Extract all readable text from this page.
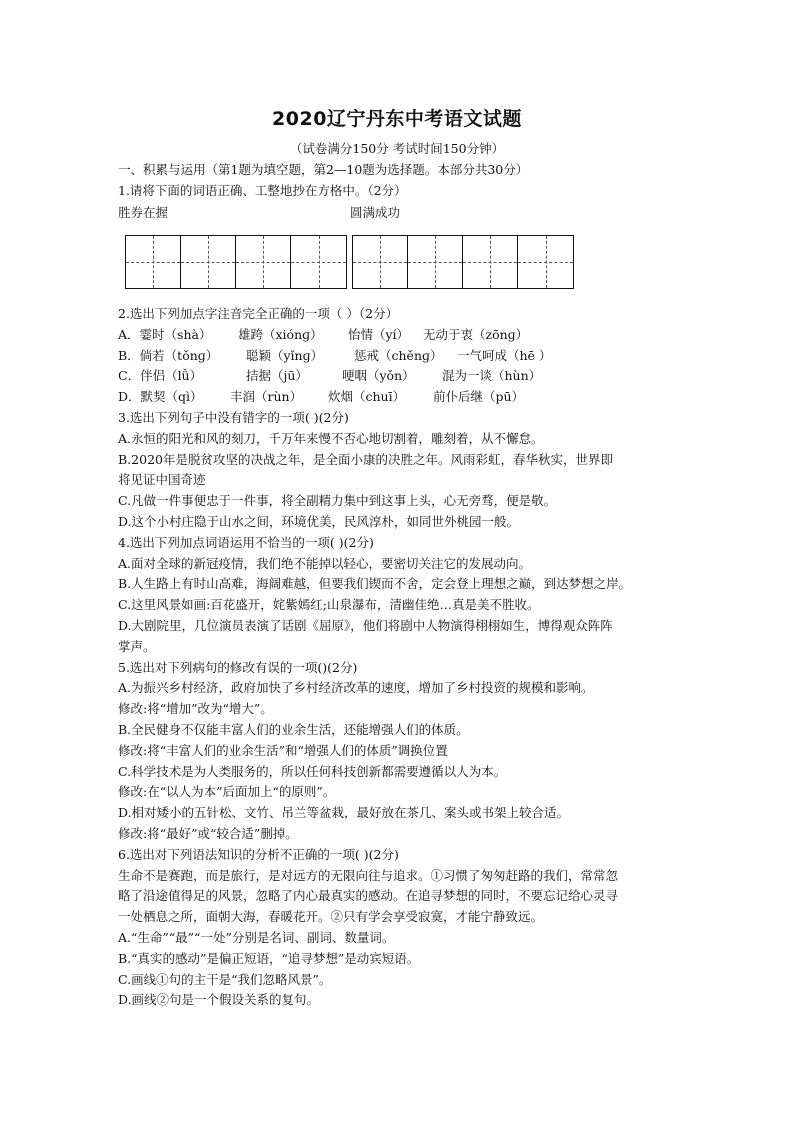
2020辽宁丹东中考语文试题
（试卷满分150分 考试时间150分钟）
一、积累与运用（第1题为填空题，第2—10题为选择题。本部分共30分）
1.请将下面的词语正确、工整地抄在方格中。（2分）
胜券在握	圆满成功
2.选出下列加点字注音完全正确的一项（ ）（2分）
A．霎时（shà） 雄跨（xiónɡ） 怡情（yí） 无动于衷（zōnɡ）
B．倘若（tǒnɡ） 聪颖（yǐnɡ） 惩戒（chěnɡ） 一气呵成（hē ）
C．伴侣（lǚ）	拮据（jū）	哽咽（yǒn） 混为一谈（hùn）
D．默契（qì） 丰润（rùn） 炊烟（chuī） 前仆后继（pū）
3.选出下列句子中没有错字的一项( )(2分)
A.永恒的阳光和风的刻刀，千万年来慢不否心地切割着，雕刻着，从不懈怠。
B.2020年是脱贫攻坚的决战之年，是全面小康的决胜之年。风雨彩虹，春华秋实，世界即
将见证中国奇迹
C.凡做一件事便忠于一件事，将全副精力集中到这事上头，心无旁骛，便是敬。
D.这个小村庄隐于山水之间，环境优美，民风淳朴，如同世外桃园一般。
4.选出下列加点词语运用不恰当的一项( )(2分)
A.面对全球的新冠疫情，我们绝不能掉以轻心，要密切关注它的发展动向。
B.人生路上有时山高难，海阔难越，但要我们锲而不舍，定会登上理想之巅，到达梦想之岸。
C.这里风景如画:百花盛开，姹紫嫣红;山泉瀑布，清幽佳绝…真是美不胜收。
D.大剧院里，几位演员表演了话剧《屈原》，他们将剧中人物演得栩栩如生，博得观众阵阵
掌声。
5.选出对下列病句的修改有误的一项()(2分)
A.为振兴乡村经济，政府加快了乡村经济改革的速度，增加了乡村投资的规模和影响。
修改:将“增加”改为“增大”。
B.全民健身不仅能丰富人们的业余生活，还能增强人们的体质。
修改:将“丰富人们的业余生活”和“增强人们的体质”调换位置
C.科学技术是为人类服务的，所以任何科技创新都需要遵循以人为本。
修改:在“以人为本”后面加上“的原则”。
D.相对矮小的五针松、文竹、吊兰等盆栽，最好放在茶几、案头或书架上较合适。
修改:将“最好”或“较合适”删掉。
6.选出对下列语法知识的分析不正确的一项( )(2分)
生命不是赛跑，而是旅行，是对远方的无限向往与追求。①习惯了匆匆赶路的我们，常常忽
略了沿途值得足的风景，忽略了内心最真实的感动。在追寻梦想的同时，不要忘记给心灵寻
一处栖息之所，面朝大海，春暖花开。②只有学会享受寂寞，才能宁静致远。
A.“生命”“最”“一处”分别是名词、副词、数量词。
B.“真实的感动”是偏正短语，“追寻梦想”是动宾短语。
C.画线①句的主干是“我们忽略风景”。
D.画线②句是一个假设关系的复句。
